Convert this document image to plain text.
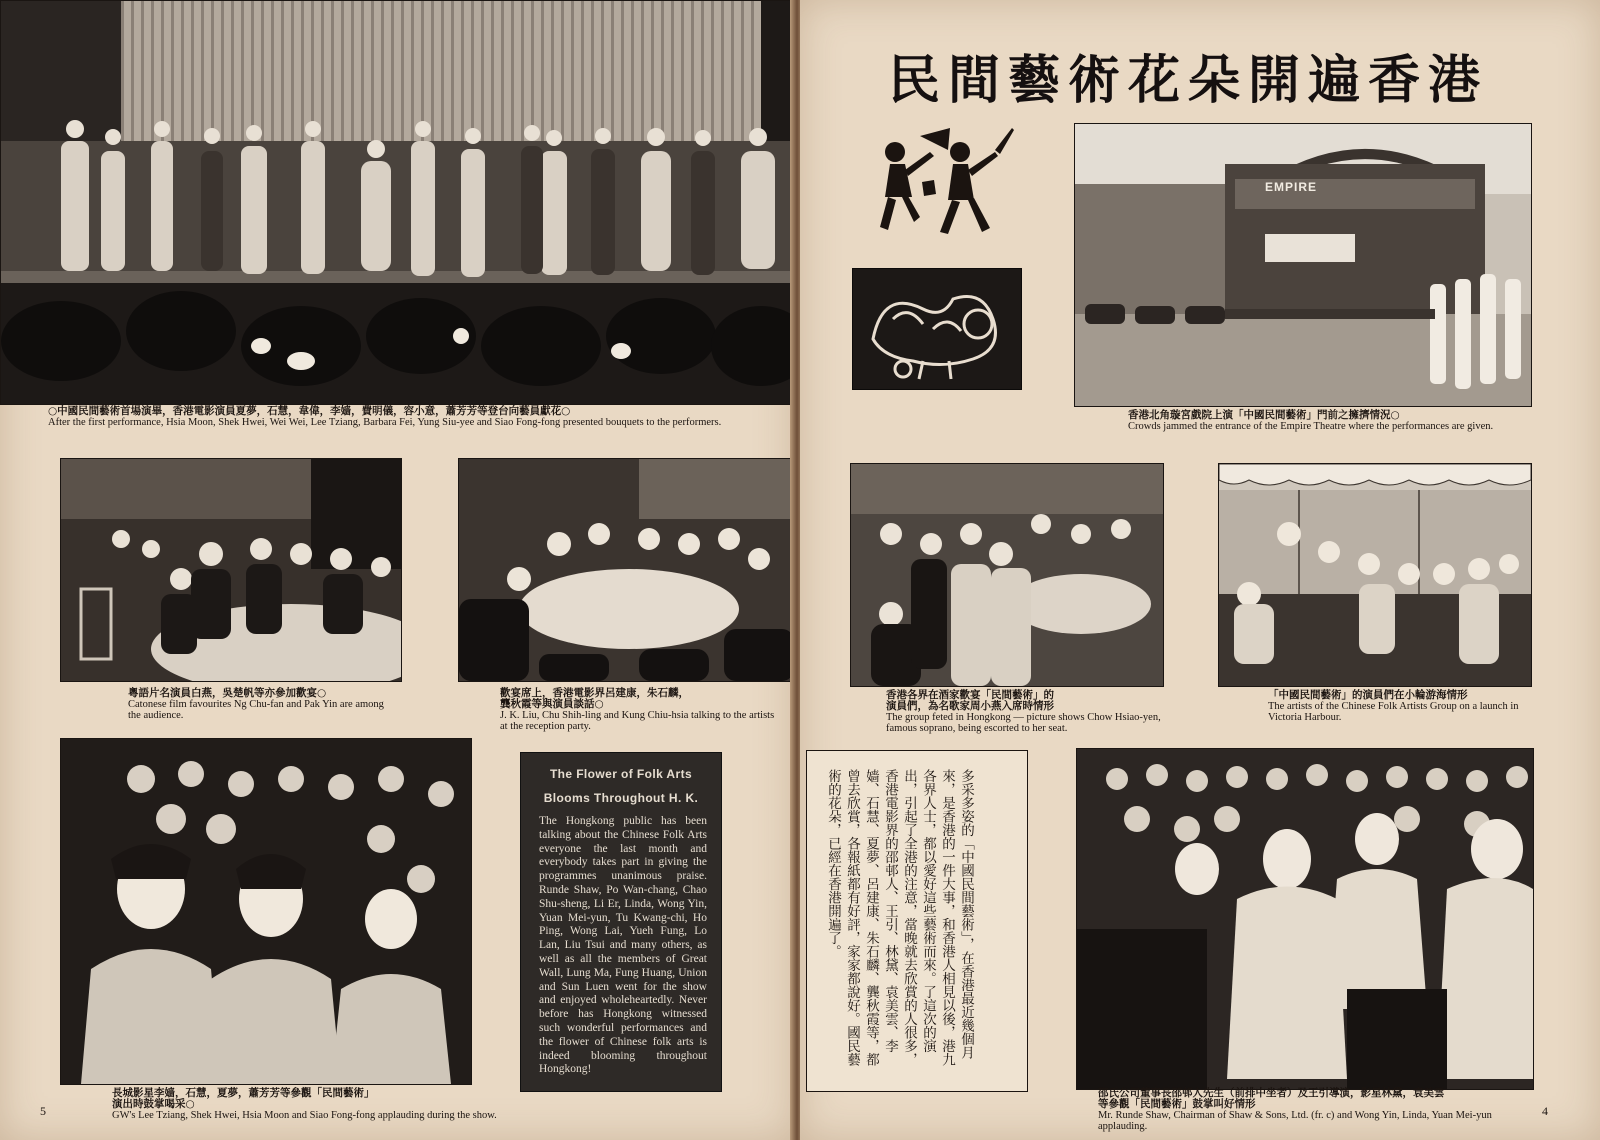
○中國民間藝術首場演畢，香港電影演員夏夢，石慧，韋偉，李嫱，費明儀，容小意，蕭芳芳等登台向藝員獻花○
After the first performance, Hsia Moon, Shek Hwei, Wei Wei, Lee Tziang, Barbara Fei, Yung Siu-yee and Siao Fong-fong presented bouquets to the performers.
粵語片名演員白燕，吳楚帆等亦參加歡宴○
Catonese film favourites Ng Chu-fan and Pak Yin are among the audience.
歡宴席上，香港電影界呂建康，朱石麟，
龔秋霞等與演員談話○
J. K. Liu, Chu Shih-ling and Kung Chiu-hsia talking to the artists at the reception party.
長城影星李嫱，石慧，夏夢，蕭芳芳等參觀「民間藝術」
演出時鼓掌喝采○
GW's Lee Tziang, Shek Hwei, Hsia Moon and Siao Fong-fong applauding during the show.
The Flower of Folk Arts
Blooms Throughout H. K.
The Hongkong public has been talking about the Chinese Folk Arts everyone the last month and everybody takes part in giving the programmes unanimous praise. Runde Shaw, Po Wan-chang, Chao Shu-sheng, Li Er, Linda, Wong Yin, Yuan Mei-yun, Tu Kwang-chi, Ho Ping, Wong Lai, Yueh Fung, Lo Lan, Liu Tsui and many others, as well as all the members of Great Wall, Lung Ma, Fung Huang, Union and Sun Luen went for the show and enjoyed wholeheartedly. Never before has Hongkong witnessed such wonderful performances and the flower of Chinese folk arts is indeed blooming throughout Hongkong!
5	4
民間藝術花朵開遍香港
EMPIRE
香港北角璇宮戲院上演「中國民間藝術」門前之擁擠情況○
Crowds jammed the entrance of the Empire Theatre where the performances are given.
香港各界在酒家歡宴「民間藝術」的
演員們，為名歌家周小燕入席時情形
The group feted in Hongkong — picture shows Chow Hsiao-yen, famous soprano, being escorted to her seat.
「中國民間藝術」的演員們在小輪游海情形
The artists of the Chinese Folk Artists Group on a launch in Victoria Harbour.
多采多姿的「中國民間藝術」，在香港最近幾個月來，是香港的一件大事，和香港人相見以後，港九各界人士，都以愛好這些藝術而來。了這次的演出，引起了全港的注意，當晚就去欣賞的人很多，香港電影界的邵邨人、王引、林黛、袁美雲、李嫱、石慧、夏夢、呂建康、朱石麟、龔秋霞等，都曾去欣賞，各報紙都有好評，家家都說好。國民藝術的花朵，已經在香港開遍了。
邵氏公司董事長邵邨人先生（前排中坐者）及王引導演，影星林黛，袁美雲
等參觀「民間藝術」鼓掌叫好情形
Mr. Runde Shaw, Chairman of Shaw & Sons, Ltd. (fr. c) and Wong Yin, Linda, Yuan Mei-yun applauding.
